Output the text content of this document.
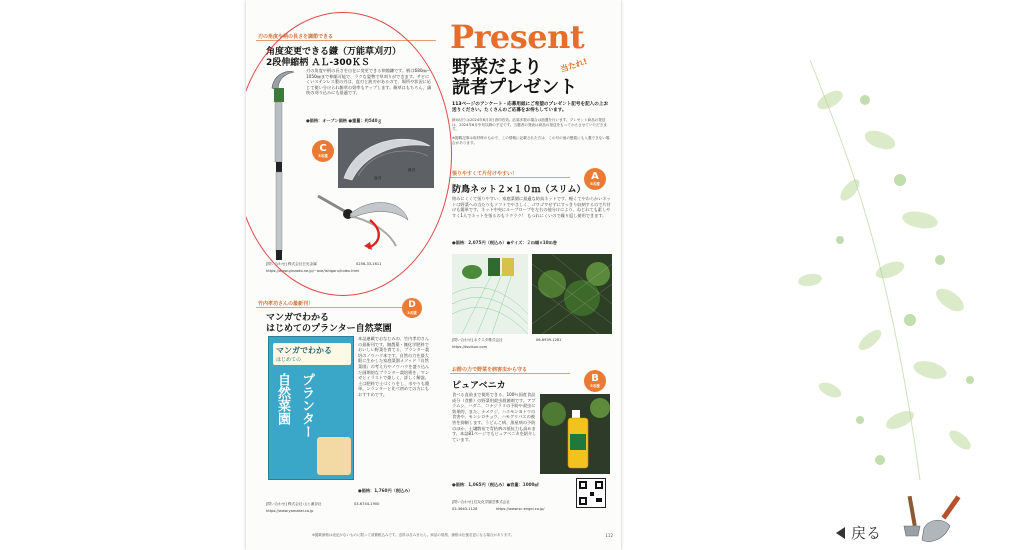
刃の角度や柄の長さを調節できる
角度変更できる鎌（万能草刈刃）
2段伸縮柄 ＡＬ-300ＫＳ
刃の角度や柄の長さを自在に変更できる伸縮鎌です。柄は680㎜〜1050㎜まで伸縮可能で、ラクな姿勢で草刈りができます。サビにくいステンレス製の刃は、直刃と波刃があるので、場所や状況に応じて使い分けられ雑草の効率もアップします。雑草はもちろん、細枝の刈り込みにも最適です。
●価格：オープン価格 ●重量：約540ｇ
C
3名様
直刃
波刃
[問い合わせ] 株式会社日光金属	0256-33-1611
https://www.ginzado.ne.jp/~ave/ishigaru/index.html
竹内孝功さんの最新刊！
マンガでわかる
はじめてのプランター自然菜園
D
3名様
マンガでわかる
はじめての
プランター
自然菜園
本誌連載でおなじみの、竹内孝功さんの最新刊です。無農薬・無化学肥料でおいしい野菜を育てる、プランター栽培のノウハウ本です。自然の力を最大限に生かした家庭菜園メソッド『自然菜園』の考え方やノウハウを盛り込んだ画期的なプランター栽培術を、マンガとイラストで楽しく、詳しく解説。土は肥料で土づくりをし、水やりも簡単。ンランターと比べ初めての方にもおすすめです。
●価格：1,760円（税込み）
[問い合わせ] 株式会社 山と溪谷社	03-6744-1900
https://www.yamakei.co.jp
Present
野菜だより
読者プレゼント
当たれ!
113ページのアンケート・応募用紙にご希望のプレゼント記号を記入の上お送りください。たくさんのご応募をお待ちしています。
締め切りは2024年6月3日消印有効。応募多数の場合は抽選を行います。プレゼント商品の発送は、2024年6月中旬以降の予定です。当選者の発表は商品の発送をもってかえさせていただきます。
※掲載記事は取材時のもので、この情報に記載された方は、この号の他の懸賞にも入選できない場合があります。
張りやすくて片付けやすい！
防鳥ネット２×１０ｍ（スリム）
A
8名様
絡みにくくて張りやすい、家庭菜園に最適な防鳥ネットです。軽くてやわらかいネットは野菜への当たりもソフトでやさしく、ゴワゴワせずにすっきり収納するので片付けも簡単です。ネット中央にループロープを左右の他分けにより、ねじれても素しやすく1人でネットを張るのもラクラク！ もつれにくいので繰り返し使用できます。
●価格：2,075円（税込み）●サイズ：２ｍ幅×10ｍ巻
[問い合わせ] ネクスタ株式会社	06-6939-1281
https://tsutsun.com
お酢の力で野菜を病害虫から守る
ピュアベニカ
B
5名様
食べる直前まで使用できる、100％国産食品成分（食酢）の野菜用殺虫殺菌剤です。アブラムシ、ハダニ、コナジラミの予防や殺虫に効果的、また、ナメクジ、ハスモンヨトウの食害や、モンシロチョウ、ハモグリバエの被害を抑制します。うどんこ病、黒星病の予防のほか、土壌散布で青枯病の抵抗力も高めます。本誌81ページでもピュアベニカを紹介しています。
●価格：1,065円（税込み）●容量：1000㎖
[問い合わせ] 住友化学園芸株式会社
03-3663-1128	https://www.sc-engei.co.jp/
※掲載価格は表記がないものに限って消費税込みです。送料は含みません。商品の規格、価格は仕様変更になる場合があります。	112	戻る
